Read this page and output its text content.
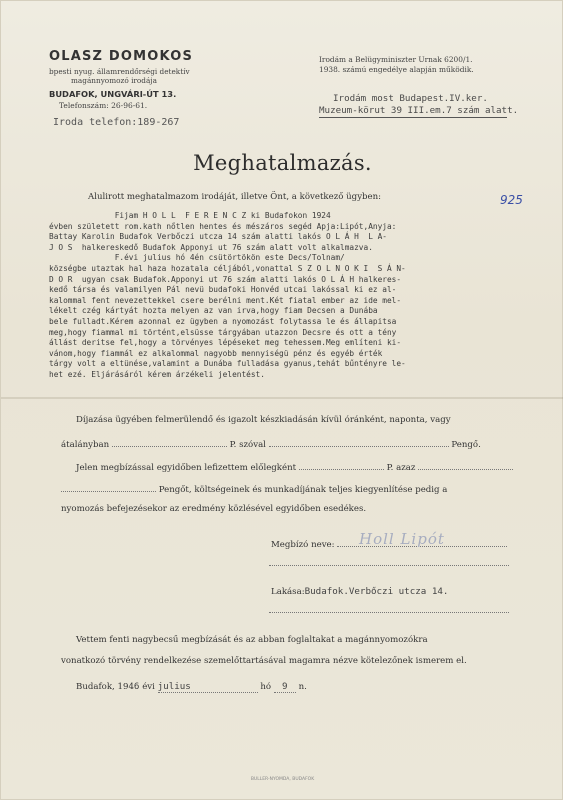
OLASZ DOMOKOS
bpesti nyug. államrendőrségi detektív
magánnyomozó irodája
BUDAFOK, UNGVÁRI-ÚT 13.
Telefonszám: 26-96-61.
Iroda telefon:189-267
Irodám a Belügyminiszter Urnak 6200/1.
1938. számú engedélye alapján működik.
Irodám most Budapest.IV.ker.
Muzeum-körut 39 III.em.7 szám alatt.
Meghatalmazás.
Alulirott meghatalmazom irodáját, illetve Önt, a következő ügyben:	925
Fijam H O L L  F E R E N C Z ki Budafokon 1924
évben született rom.kath nőtlen hentes és mészáros segéd Apja:Lipót,Anyja:
Battay Karolin Budafok Verbőczi utcza 14 szám alatti lakós O L Á H  L A-
J O S  halkereskedő Budafok Apponyi ut 76 szám alatt volt alkalmazva.
F.évi julius hó 4én csütörtökön este Decs/Tolnam/
községbe utaztak hal haza hozatala céljából,vonattal S Z O L N O K I  S Á N-
D O R  ugyan csak Budafok.Apponyi ut 76 szám alatti lakós O L Á H halkeres-
kedő társa és valamilyen Pál nevü budafoki Honvéd utcai lakóssal ki ez al-
kalommal fent nevezettekkel csere berélni ment.Két fiatal ember az ide mel-
lékelt czég kártyát hozta melyen az van irva,hogy fiam Decsen a Dunába
bele fulladt.Kérem azonnal ez ügyben a nyomozást folytassa le és állapitsa
meg,hogy fiammal mi történt,elsüsse tárgyában utazzon Decsre és ott a tény
állást deritse fel,hogy a törvényes lépéseket meg tehessem.Meg említeni ki-
vánom,hogy fiammál ez alkalommal nagyobb mennyiségü pénz és egyéb érték
tárgy volt a eltünése,valamint a Dunába fulladása gyanus,tehát bűntényre le-
het ezé. Eljárásáról kérem árzékeli jelentést.
Díjazása ügyében felmerülendő és igazolt készkiadásán kívül óránként, naponta, vagy
átalányban	P. szóval	Pengő.
Jelen megbízással egyidőben lefizettem előlegként	P. azaz
Pengőt, költségeinek és munkadíjának teljes kiegyenlítése pedig a
nyomozás befejezésekor az eredmény közlésével egyidőben esedékes.
Megbízó neve:	Holl Lipót
Lakása:Budafok.Verbőczi utcza 14.
Vettem fenti nagybecsű megbízását és az abban foglaltakat a magánnyomozókra
vonatkozó törvény rendelkezése szemelőttartásával magamra nézve kötelezőnek ismerem el.
Budafok, 1946 évi julius	hó 9 n.
BULLER-NYOMDA, BUDAFOK
